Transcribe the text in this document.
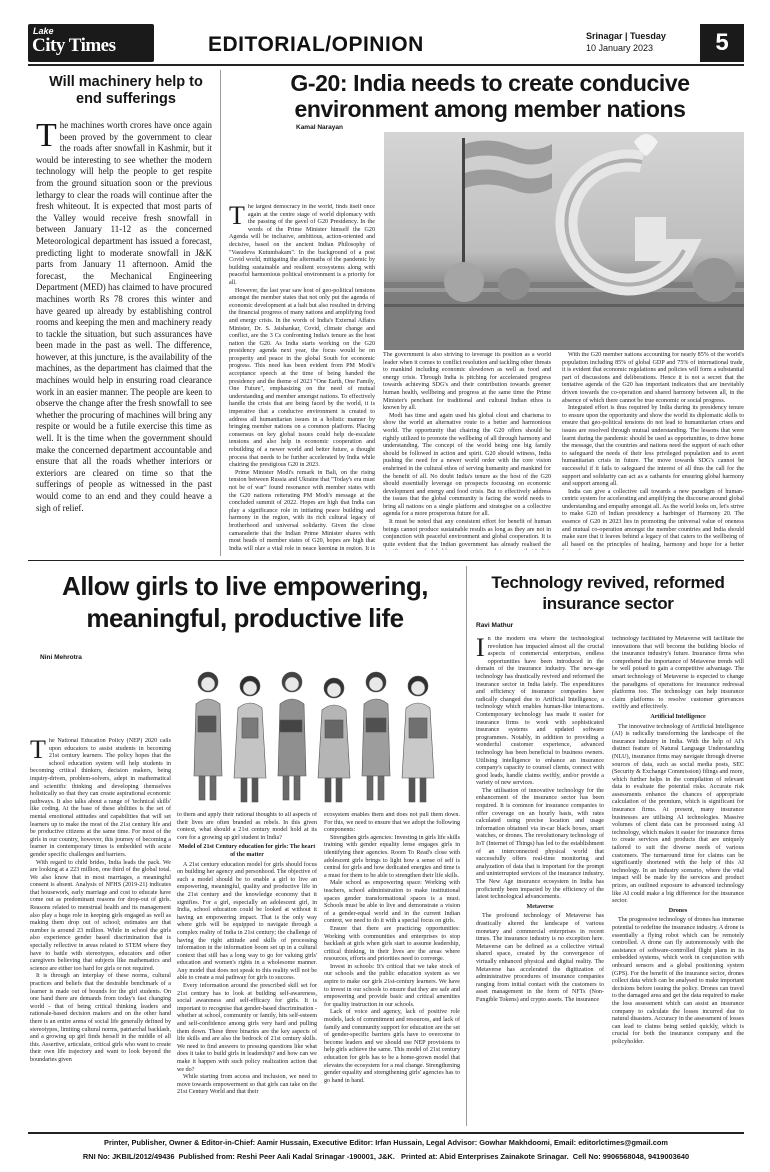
Lake
City Times	EDITORIAL/OPINION	Srinagar | Tuesday
10 January 2023	5
Will machinery help to end sufferings
The machines worth crores have once again been proved by the government to clear the roads after snowfall in Kashmir, but it would be interesting to see whether the modern technology will help the people to get respite from the ground situation soon or the previous lethargy to clear the roads will continue after the fresh whiteout. It is expected that most parts of the Valley would receive fresh snowfall in between January 11-12 as the concerned Meteorological department has issued a forecast, predicting light to moderate snowfall in J&K parts from January 11 afternoon. Amid the forecast, the Mechanical Engineering Department (MED) has claimed to have procured machines worth Rs 78 crores this winter and have geared up already by establishing control rooms and keeping the men and machinery ready to tackle the situation, but such assurances have been made in the past as well. The difference, however, at this juncture, is the availability of the machines, as the department has claimed that the machines would help in ensuring road clearance work in an easier manner. The people are keen to observe the change after the fresh snowfall to see whether the procuring of machines will bring any respite or would be a futile exercise this time as well. It is the time when the government should make the concerned department accountable and ensure that all the roads whether interiors or exteriors are cleared on time so that the sufferings of people as witnessed in the past would come to an end and they could heave a sigh of relief.
G-20: India needs to create conducive environment among member nations
Kamal Narayan

The largest democracy in the world, finds itself once again at the centre stage of world diplomacy with the passing of the gavel of G20 Presidency. In the words of the Prime Minister himself the G20 Agenda will be inclusive, ambitious, action-oriented and decisive, based on the ancient Indian Philosophy of "Vasudeva Kutumbakam". In the background of a post Covid world, mitigating the aftermaths of the pandemic by building sustainable and resilient ecosystems along with peaceful harmonious political environment is a priority for all.

However, the last year saw host of geo-political tensions amongst the member states that not only put the agenda of economic development at a halt but also resulted in driving the financial progress of many nations and amplifying food and energy crisis. In the words of India's External Affairs Minister, Dr. S. Jaishankar, Covid, climate change and conflict, are the 3 Cs confronting India's tenure as the host nation the G20. As India starts working on the G20 presidency agenda next year, the focus would be on prosperity and peace in the global South for economic progress. This need has been evident from PM Modi's acceptance speech at the time of being handed the presidency and the theme of 2023 "One Earth, One Family, One Future", emphasizing on the need of mutual understanding and member amongst nations. To effectively handle the crisis that are being faced by the world, it is imperative that a conducive environment is created to address all humanitarian issues in a holistic manner by bringing member nations on a common platform. Placing consensus on key global issues could help de-escalate tensions and also help in economic cooperation and rebuilding of a newer world and better future, a thought process that needs to be further accelerated by India while chairing the prestigious G20 in 2023.

Prime Minister Modi's remark in Bali, on the rising tension between Russia and Ukraine that "Today's era must not be of war" found resonance with member states with the G20 nations reiterating PM Modi's message at the concluded summit of 2022. Hopes are high that India can play a significance role in initiating peace building and harmony in the region, with its rich cultural legacy of brotherhood and universal solidarity. Given the close camaraderie that the Indian Prime Minister shares with most heads of member states of G20, hopes are high that India will play a vital role in peace keeping in region. It is

The government is also striving to leverage its position as a world leader when it comes to conflict resolution and tackling other threats to mankind including economic slowdown as well as food and energy crisis. Through India is pitching for accelerated progress towards achieving SDG's and their contribution towards greener human health, wellbeing and progress at the same time the Prime Minister's penchant for traditional and cultural Indian ethos is known by all.

Modi has time and again used his global clout and charisma to show the world an alternative route to a better and harmonious world. The opportunity that chairing the G20 offers should be rightly utilized to promote the wellbeing of all through harmony and understanding. The concept of the world being one big family should be followed in action and spirit. G20 should witness, India pushing the need for a newer world order with the core vision enshrined in the cultural ethos of serving humanity and mankind for the benefit of all. No doubt India's tenure as the host of the G20 should essentially leverage on prospects focussing on economic development and energy and food crisis. But to effectively address the issues that the global community is facing the world needs to bring all nations on a single platform and strategise on a collective agenda for a more prosperous future for all.

It must be noted that any consistent effort for benefit of human beings cannot produce sustainable results as long as they are not in conjunction with peaceful environment and global cooperation. It is quite evident that the Indian government has already realised the

With the G20 member nations accounting for nearly 85% of the world's population including 85% of global GDP and 75% of international trade, it is evident that economic regulations and policies will form a substantial part of discussions and deliberations. Hence it is not a secret that the tentative agenda of the G20 has important indicators that are inevitably driven towards the co-operation and shared harmony between all, in the absence of which there cannot be true economic or social progress.

Integrated effort is thus required by India during its presidency tenure to ensure upon the opportunity and show the world its diplomatic skills to ensure that geo-political tensions do not lead to humanitarian crises and issues are resolved through mutual understanding. The lessons that were learnt during the pandemic should be used as opportunities, to drive home the message, that the countries and nations need the support of each other to safeguard the needs of their less privileged population and to avert humanitarian crisis in future. The move towards SDG's cannot be successful if it fails to safeguard the interest of all thus the call for the support and solidarity can act as a catharsis for ensuring global harmony and support among all.

India can give a collective call towards a new paradigm of human-centric system for accelerating and amplifying the discourse around global understanding and empathy amongst all. As the world looks on, let's strive to make G20 of Indian presidency a harbinger of Harmony 20. The essence of G20 in 2023 lies in promoting the universal value of oneness and mutual co-operation amongst the member countries and India should make sure that it leaves behind a legacy of that caters to the wellbeing of all based on the principles of healing, harmony and hope for a better

Allow girls to live empowering, meaningful, productive life
Nini Mehrotra

The National Education Policy (NEP) 2020 calls upon educators to assist students in becoming 21st century learners. The policy hopes that the school education system will help students in becoming critical thinkers, decision makers, being inquiry-driven, problem-solvers, adept in mathematical and scientific thinking and developing themselves holistically so that they can create aspirational economic pathways. It also talks about a range of 'technical skills' like coding. At the base of these abilities is the set of mental emotional attitudes and capabilities that will set learners up to make the most of the 21st century life and be productive citizens at the same time. For most of the girls in our country, however, this journey of becoming a learner in contemporary times is embedded with acute gender specific challenges and barriers.

With regard to child brides, India leads the pack. We are looking at a 223 million, one third of the global total. We also know that in most marriages, a meaningful consent is absent. Analysis of NFHS (2019-21) indicates that housework, early marriage and cost to educate have come out as predominant reasons for drop-out of girls. Reasons related to menstrual health and its management also play a huge role in keeping girls engaged as well as making them drop out of school; estimates are that number is around 23 million. While in school the girls also experience gender based discrimination that is specially reflective in areas related to STEM where they have to battle with stereotypes, educators and other caregivers believing that subjects like mathematics and science are either too hard for girls or not required.

It is through an interplay of these norms, cultural practices and beliefs that the desirable benchmark of a learner is made out of bounds for the girl students. On one hand there are demands from today's fast changing world - that of being critical thinking leaders and rationale-based decision makers and on the other hand there is an entire arena of social life generally defined by stereotypes, limiting cultural norms, patriarchal backlash, and a growing up girl finds herself in the middle of all this. Assertive, articulate, critical girls who want to create their own life trajectory and want to look beyond the boundaries given

to them and apply their rational thoughts to all aspects of their lives are often branded as rebels. In this given context, what should a 21st century model hold at its core for a growing up girl student in India?

Model of 21st Century education for girls: The heart of the matter

A 21st century education model for girls should focus on building her agency and personhood. The objective of such a model should be to enable a girl to live an empowering, meaningful, quality and productive life in the 21st century and the knowledge economy that it signifies. For a girl, especially an adolescent girl, in India, school education could be looked at without it having an empowering impact. That is the only way where girls will be equipped to navigate through a complex reality of India in 21st century; the challenge of having the right attitude and skills of processing information in the information boom set up in a cultural context that still has a long way to go for valuing girls' education and women's rights in a wholesome manner. Any model that does not speak to this reality will not be able to create a real pathway for girls to success.

Every information around the prescribed skill set for 21st century has to look at building self-awareness, social awareness and self-efficacy for girls. It is important to recognise that gender-based discrimination - whether at school, community or family, hits self-esteem and self-confidence among girls very hard and pulling them down. These three binaries are the key aspects of life skills and are also the bedrock of 21st century skills. We need to find answers to pressing questions like what does it take to build girls in leadership? and how can we make it happen with such policy realization action that we do?

While starting from access and inclusion, we need to move towards empowerment so that girls can take on the 21st Century World and that their

ecosystem enables them and does not pull them down. For this, we need to ensure that we adopt the following components:

Strengthen girls agencies: Investing in girls life skills training with gender equality lense engages girls in identifying their agencies. Room To Read's close with adolescent girls brings to light how a sense of self is central for girls and how dedicated energies and time is a must for them to be able to strengthen their life skills.

Male school as empowering space: Working with teachers, school administration to make institutional spaces gender transformational spaces is a must. Schools must be able to live and demonstrate a vision of a gender-equal world and in the current Indian context, we need to do it with a special focus on girls.

Ensure that there are practicing opportunities: Working with communities and enterprises to stop backlash at girls when girls start to assume leadership, critical thinking, in their lives are the areas where resources, efforts and priorities need to converge.

Invest in schools: It's critical that we take stock of our schools and the public education system as we aspire to make our girls 21st-century learners. We have to invest in our schools to ensure that they are safe and empowering and provide basic and critical amenities for quality instruction in our schools.

Lack of voice and agency, lack of positive role models, lack of commitment and resources, and lack of family and community support for education are the set of gender-specific barriers girls have to overcome to become leaders and we should use NEP provisions to help girls achieve the same. This model of 21st century education for girls has to be a home-grown model that elevates the ecosystem for a real change. Strengthening gender equality and strengthening girls' agencies has to go hand in hand.

Technology revived, reformed insurance sector
Ravi Mathur

In the modern era where the technological revolution has impacted almost all the crucial aspects of commercial enterprises, endless opportunities have been introduced in the domain of the insurance industry. The new-age technology has drastically revived and reformed the insurance sector in India lately. The expenditures and efficiency of insurance companies have radically changed due to Artificial Intelligence, a technology which enables human-like interactions. Contemporary technology has made it easier for insurance firms to work with sophisticated insurance systems and updated software programmes. Notably, in addition to providing a wonderful customer experience, advanced technology has been beneficial to business owners. Utilising intelligence to enhance an insurance company's capacity to counsel clients, connect with good leads, handle claims swiftly, and/or provide a variety of new services.

The utilisation of innovative technology for the enhancement of the insurance sector has been required. It is common for insurance companies to offer coverage on an hourly basis, with rates calculated using precise location and usage information obtained via in-car black boxes, smart watches, or drones. The revolutionary technology of IoT (Internet of Things) has led to the establishment of an interconnected physical world that successfully offers real-time monitoring and analyzation of data that is important for the prompt and uninterrupted services of the insurance industry. The New Age insurance ecosystem in India has proficiently been impacted by the efficiency of the latest technological advancements.

Metaverse

The profound technology of Metaverse has drastically altered the landscape of various monetary and commercial enterprises in recent times. The insurance industry is no exception here. Metaverse can be defined as a collective virtual shared space, created by the convergence of virtually enhanced physical and digital reality. The Metaverse has accelerated the digitization of administrative procedures of insurance companies ranging from initial contact with the customers to asset management in the form of NFTs (Non-Fungible Tokens) and crypto assets. The insurance

technology facilitated by Metaverse will facilitate the innovations that will become the building blocks of the insurance industry's future. Insurance firms who comprehend the importance of Metaverse trends will be well poised to gain a competitive advantage. The smart technology of Metaverse is expected to change the paradigms of operations for insurance redressal platforms too. The technology can help insurance claim platforms to resolve customer grievances swiftly and effectively.

Artificial Intelligence

The innovative technology of Artificial Intelligence (AI) is radically transforming the landscape of the insurance industry in India. With the help of AI's distinct feature of Natural Language Understanding (NLU), insurance firms may navigate through diverse sources of data, such as social media posts, SEC (Security & Exchange Commission) filings and more, which further helps in the compilation of relevant data to evaluate the potential risks. Accurate risk assessments enhance the chances of appropriate calculation of the premium, which is significant for insurance firms. At present, many insurance businesses are utilising AI technologies. Massive volumes of client data can be processed using AI technology, which makes it easier for insurance firms to create services and products that are uniquely tailored to suit the diverse needs of various customers. The turnaround time for claims can be significantly shortened with the help of this AI technology. In an industry scenario, where the vital impact will be made by the services and product prices, an outlined exposure to advanced technology like AI could make a big difference for the insurance sector.

Drones

The progressive technology of drones has immense potential to redefine the insurance industry. A drone is essentially a flying robot which can be remotely controlled. A drone can fly autonomously with the assistance of software-controlled flight plans in its embedded systems, which work in conjunction with onboard sensors and a global positioning system (GPS). For the benefit of the insurance sector, drones collect data which can be analysed to make important decisions before issuing the policy. Drones can travel to the damaged area and get the data required to make the loss assessment which can assist an insurance company to calculate the losses incurred due to natural disasters. Accuracy in the assessment of losses can lead to claims being settled quickly, which is crucial for both the insurance company and the policyholder.

Printer, Publisher, Owner & Editor-in-Chief: Aamir Hussain, Executive Editor: Irfan Hussain, Legal Advisor: Gowhar Makhdoomi, Email: editorlctimes@gmail.com
RNI No: JKBIL/2012/49436  Published from: Reshi Peer Aali Kadal Srinagar -190001, J&K.   Printed at: Abid Enterprises Zainakote Srinagar.  Cell No: 9906568048, 9419003640
